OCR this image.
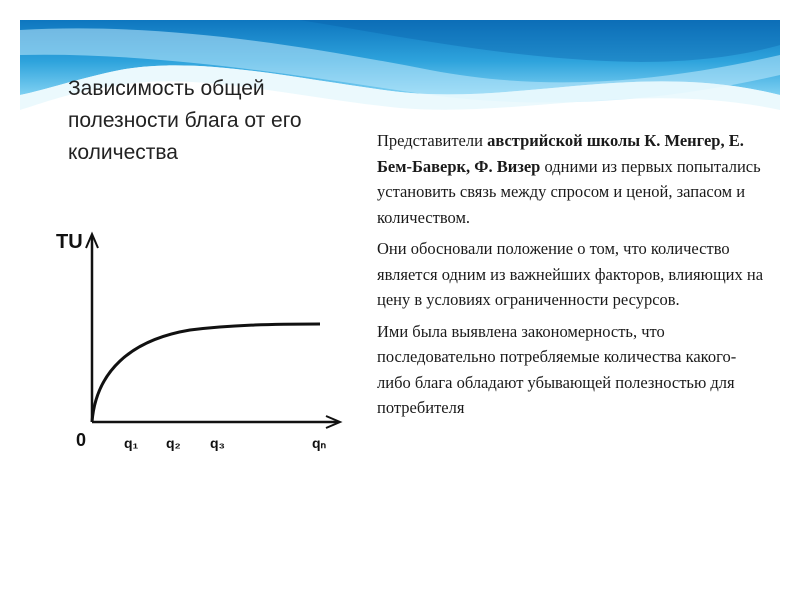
Зависимость общей полезности блага от его количества

Представители австрийской школы К. Менгер, Е. Бем-Баверк, Ф. Визер одними из первых попытались установить связь между спросом и ценой, запасом и количеством.

Они обосновали положение о том, что количество является одним из важнейших факторов, влияющих на цену в условиях ограниченности ресурсов.

Ими была выявлена закономерность, что последовательно потребляемые количества какого-либо блага обладают убывающей полезностью для потребителя

TU
0	q₁ q₂ q₃	qₙ
